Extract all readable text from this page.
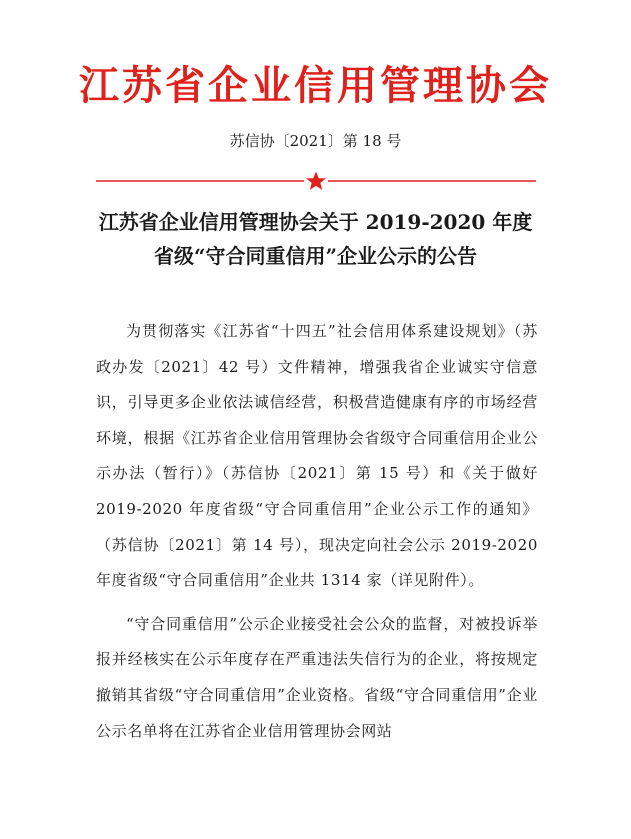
江苏省企业信用管理协会
苏信协〔2021〕第 18 号
江苏省企业信用管理协会关于 2019-2020 年度
省级“守合同重信用”企业公示的公告

为贯彻落实《江苏省“十四五”社会信用体系建设规划》（苏政办发〔2021〕42 号）文件精神，增强我省企业诚实守信意识，引导更多企业依法诚信经营，积极营造健康有序的市场经营环境，根据《江苏省企业信用管理协会省级守合同重信用企业公示办法（暂行）》（苏信协〔2021〕第 15 号）和《关于做好 2019-2020 年度省级“守合同重信用”企业公示工作的通知》（苏信协〔2021〕第 14 号），现决定向社会公示 2019-2020 年度省级“守合同重信用”企业共 1314 家（详见附件）。

“守合同重信用”公示企业接受社会公众的监督，对被投诉举报并经核实在公示年度存在严重违法失信行为的企业，将按规定撤销其省级“守合同重信用”企业资格。省级“守合同重信用”企业公示名单将在江苏省企业信用管理协会网站
